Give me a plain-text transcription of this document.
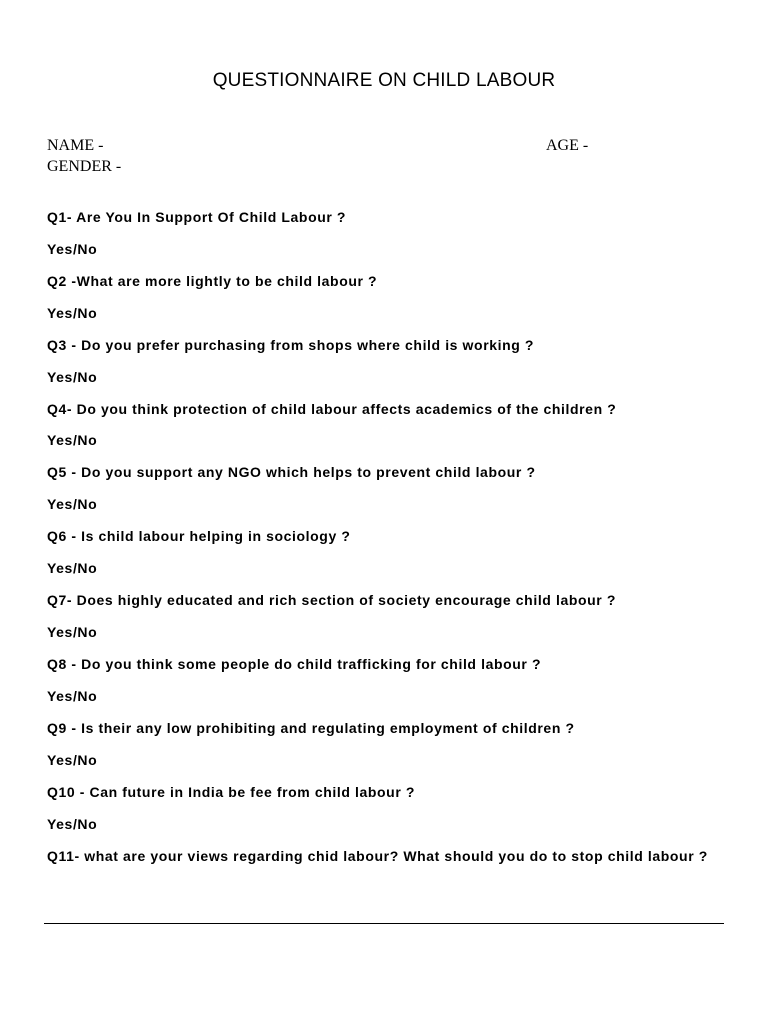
QUESTIONNAIRE ON CHILD LABOUR
NAME -	AGE -
GENDER -
Q1- Are You In Support Of Child Labour ?
Yes/No
Q2 -What are more lightly to be child labour ?
Yes/No
Q3 - Do you prefer purchasing from shops where child is working ?
Yes/No
Q4- Do you think protection of child labour affects academics of the children ?
Yes/No
Q5 - Do you support any NGO which helps to prevent child labour ?
Yes/No
Q6 - Is child labour helping in sociology ?
Yes/No
Q7- Does highly educated and rich section of society encourage child labour ?
Yes/No
Q8 - Do you think some people do child trafficking for child labour ?
Yes/No
Q9 - Is their any low prohibiting and regulating employment of children ?
Yes/No
Q10 - Can future in India be fee from child labour ?
Yes/No
Q11- what are your views regarding chid labour? What should you do to stop child labour ?
